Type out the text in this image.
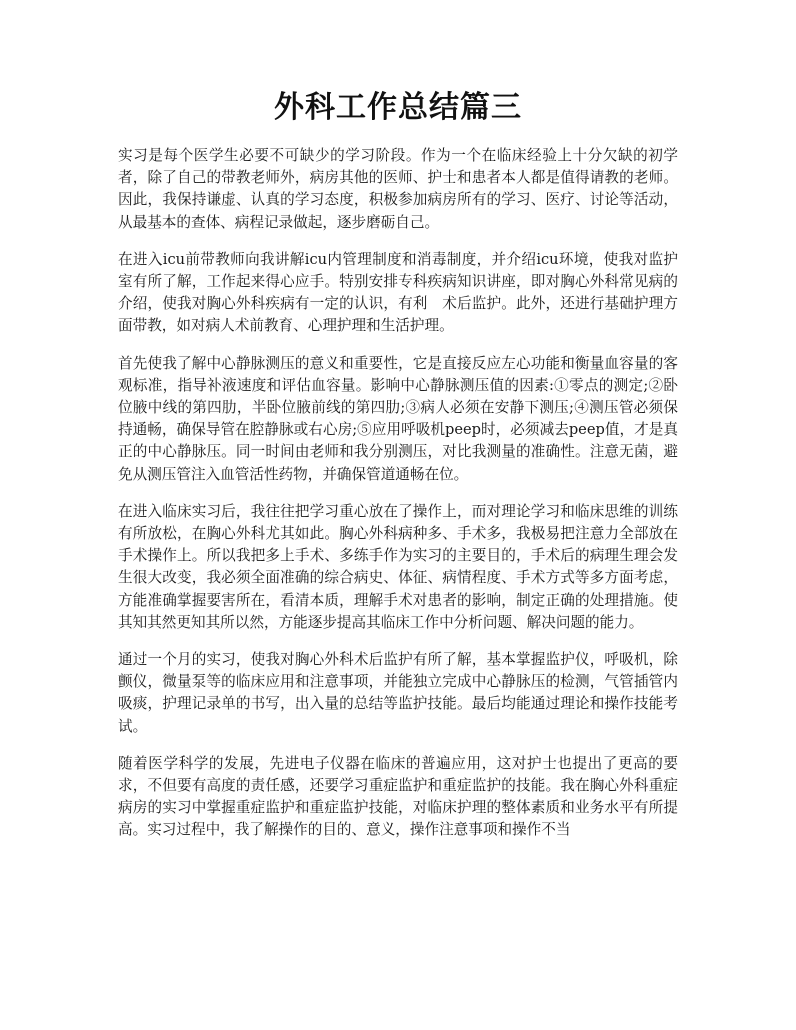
外科工作总结篇三

实习是每个医学生必要不可缺少的学习阶段。作为一个在临床经验上十分欠缺的初学者，除了自己的带教老师外，病房其他的医师、护士和患者本人都是值得请教的老师。因此，我保持谦虚、认真的学习态度，积极参加病房所有的学习、医疗、讨论等活动，从最基本的查体、病程记录做起，逐步磨砺自己。

在进入icu前带教师向我讲解icu内管理制度和消毒制度，并介绍icu环境，使我对监护室有所了解，工作起来得心应手。特别安排专科疾病知识讲座，即对胸心外科常见病的介绍，使我对胸心外科疾病有一定的认识，有利　术后监护。此外，还进行基础护理方面带教，如对病人术前教育、心理护理和生活护理。

首先使我了解中心静脉测压的意义和重要性，它是直接反应左心功能和衡量血容量的客观标准，指导补液速度和评估血容量。影响中心静脉测压值的因素:①零点的测定;②卧位腋中线的第四肋，半卧位腋前线的第四肋;③病人必须在安静下测压;④测压管必须保持通畅，确保导管在腔静脉或右心房;⑤应用呼吸机peep时，必须减去peep值，才是真正的中心静脉压。同一时间由老师和我分别测压，对比我测量的准确性。注意无菌，避免从测压管注入血管活性药物，并确保管道通畅在位。

在进入临床实习后，我往往把学习重心放在了操作上，而对理论学习和临床思维的训练有所放松，在胸心外科尤其如此。胸心外科病种多、手术多，我极易把注意力全部放在手术操作上。所以我把多上手术、多练手作为实习的主要目的，手术后的病理生理会发生很大改变，我必须全面准确的综合病史、体征、病情程度、手术方式等多方面考虑，方能准确掌握要害所在，看清本质，理解手术对患者的影响，制定正确的处理措施。使其知其然更知其所以然，方能逐步提高其临床工作中分析问题、解决问题的能力。

通过一个月的实习，使我对胸心外科术后监护有所了解，基本掌握监护仪，呼吸机，除颤仪，微量泵等的临床应用和注意事项，并能独立完成中心静脉压的检测，气管插管内吸痰，护理记录单的书写，出入量的总结等监护技能。最后均能通过理论和操作技能考试。

随着医学科学的发展，先进电子仪器在临床的普遍应用，这对护士也提出了更高的要求，不但要有高度的责任感，还要学习重症监护和重症监护的技能。我在胸心外科重症病房的实习中掌握重症监护和重症监护技能，对临床护理的整体素质和业务水平有所提高。实习过程中，我了解操作的目的、意义，操作注意事项和操作不当
